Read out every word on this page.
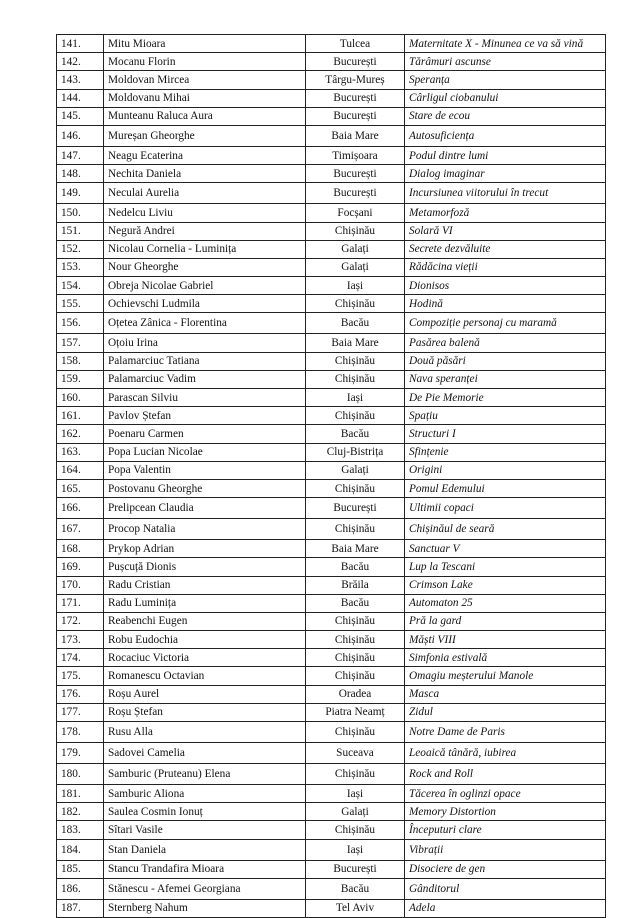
141.	Mitu Mioara	Tulcea	Maternitate X - Minunea ce va să vină
142.	Mocanu Florin	București	Tărâmuri ascunse
143.	Moldovan Mircea	Târgu-Mureș	Speranța
144.	Moldovanu Mihai	București	Cârligul ciobanului
145.	Munteanu Raluca Aura	București	Stare de ecou
146.	Mureșan Gheorghe	Baia Mare	Autosuficiența
147.	Neagu Ecaterina	Timișoara	Podul dintre lumi
148.	Nechita Daniela	București	Dialog imaginar
149.	Neculai Aurelia	București	Incursiunea viitorului în trecut
150.	Nedelcu Liviu	Focșani	Metamorfoză
151.	Negură Andrei	Chișinău	Solară VI
152.	Nicolau Cornelia - Luminița	Galați	Secrete dezvăluite
153.	Nour Gheorghe	Galați	Rădăcina vieții
154.	Obreja Nicolae Gabriel	Iași	Dionisos
155.	Ochievschi Ludmila	Chișinău	Hodină
156.	Oțetea Zânica - Florentina	Bacău	Compoziție personaj cu maramă
157.	Oțoiu Irina	Baia Mare	Pasărea balenă
158.	Palamarciuc Tatiana	Chișinău	Două păsări
159.	Palamarciuc Vadim	Chișinău	Nava speranței
160.	Parascan Silviu	Iași	De Pie Memorie
161.	Pavlov Ștefan	Chișinău	Spațiu
162.	Poenaru Carmen	Bacău	Structuri I
163.	Popa Lucian Nicolae	Cluj-Bistrița	Sfințenie
164.	Popa Valentin	Galați	Origini
165.	Postovanu Gheorghe	Chișinău	Pomul Edemului
166.	Prelipcean Claudia	București	Ultimii copaci
167.	Procop Natalia	Chișinău	Chișinăul de seară
168.	Prykop Adrian	Baia Mare	Sanctuar V
169.	Pușcuță Dionis	Bacău	Lup la Tescani
170.	Radu Cristian	Brăila	Crimson Lake
171.	Radu Luminița	Bacău	Automaton 25
172.	Reabenchi Eugen	Chișinău	Pră la gard
173.	Robu Eudochia	Chișinău	Măști VIII
174.	Rocaciuc Victoria	Chișinău	Simfonia estivală
175.	Romanescu Octavian	Chișinău	Omagiu meșterului Manole
176.	Roșu Aurel	Oradea	Masca
177.	Roșu Ștefan	Piatra Neamț	Zidul
178.	Rusu Alla	Chișinău	Notre Dame de Paris
179.	Sadovei Camelia	Suceava	Leoaică tânără, iubirea
180.	Samburic (Pruteanu) Elena	Chișinău	Rock and Roll
181.	Samburic Aliona	Iași	Tăcerea în oglinzi opace
182.	Saulea Cosmin Ionuț	Galați	Memory Distortion
183.	Sîtari Vasile	Chișinău	Începuturi clare
184.	Stan Daniela	Iași	Vibrații
185.	Stancu Trandafira Mioara	București	Disociere de gen
186.	Stănescu - Afemei Georgiana	Bacău	Gânditorul
187.	Sternberg Nahum	Tel Aviv	Adela
